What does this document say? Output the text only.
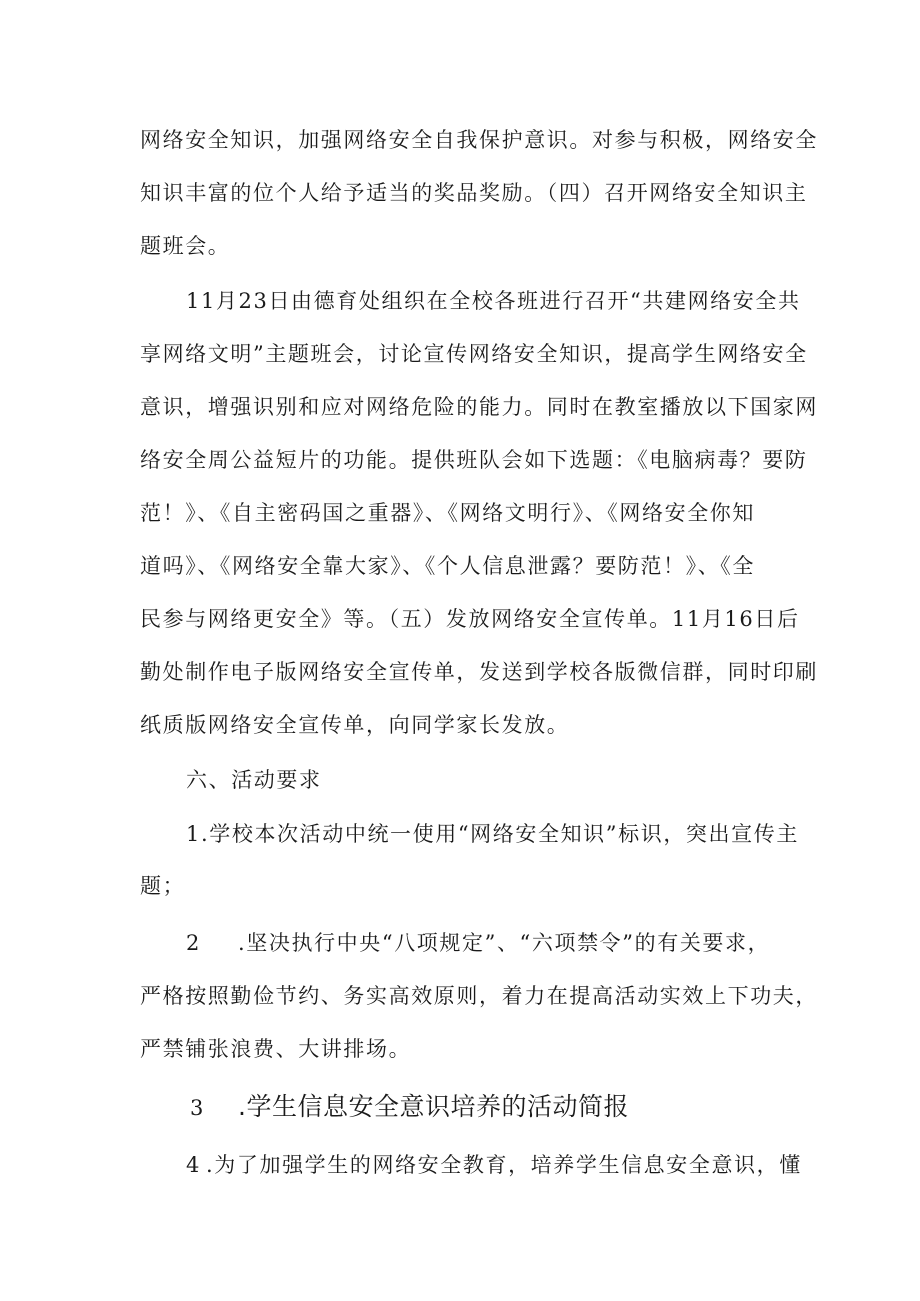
网络安全知识，加强网络安全自我保护意识。对参与积极，网络安全
知识丰富的位个人给予适当的奖品奖励。（四）召开网络安全知识主
题班会。
11月23日由德育处组织在全校各班进行召开“共建网络安全共
享网络文明”主题班会，讨论宣传网络安全知识，提高学生网络安全
意识，增强识别和应对网络危险的能力。同时在教室播放以下国家网
络安全周公益短片的功能。提供班队会如下选题：《电脑病毒？要防
范！》、《自主密码国之重器》、《网络文明行》、《网络安全你知
道吗》、《网络安全靠大家》、《个人信息泄露？要防范！》、《全
民参与网络更安全》等。（五）发放网络安全宣传单。11月16日后
勤处制作电子版网络安全宣传单，发送到学校各版微信群，同时印刷
纸质版网络安全宣传单，向同学家长发放。
六、活动要求
1.学校本次活动中统一使用“网络安全知识”标识，突出宣传主
题；
2 .坚决执行中央“八项规定”、“六项禁令”的有关要求，
严格按照勤俭节约、务实高效原则，着力在提高活动实效上下功夫，
严禁铺张浪费、大讲排场。
3 .学生信息安全意识培养的活动简报
4 .为了加强学生的网络安全教育，培养学生信息安全意识，懂
